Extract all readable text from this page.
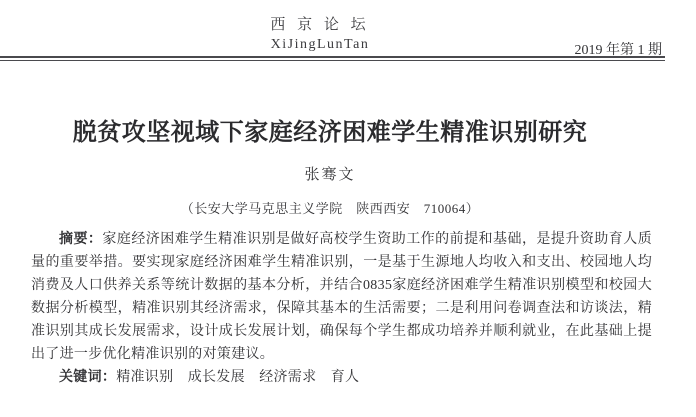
西 京 论 坛
XiJingLunTan	2019 年第 1 期
脱贫攻坚视域下家庭经济困难学生精准识别研究
张骞文
（长安大学马克思主义学院　陕西西安　710064）

摘要：家庭经济困难学生精准识别是做好高校学生资助工作的前提和基础，是提升资助育人质量的重要举措。要实现家庭经济困难学生精准识别，一是基于生源地人均收入和支出、校园地人均消费及人口供养关系等统计数据的基本分析，并结合0835家庭经济困难学生精准识别模型和校园大数据分析模型，精准识别其经济需求，保障其基本的生活需要；二是利用问卷调查法和访谈法，精准识别其成长发展需求，设计成长发展计划，确保每个学生都成功培养并顺利就业，在此基础上提出了进一步优化精准识别的对策建议。

关键词：精准识别　成长发展　经济需求　育人
